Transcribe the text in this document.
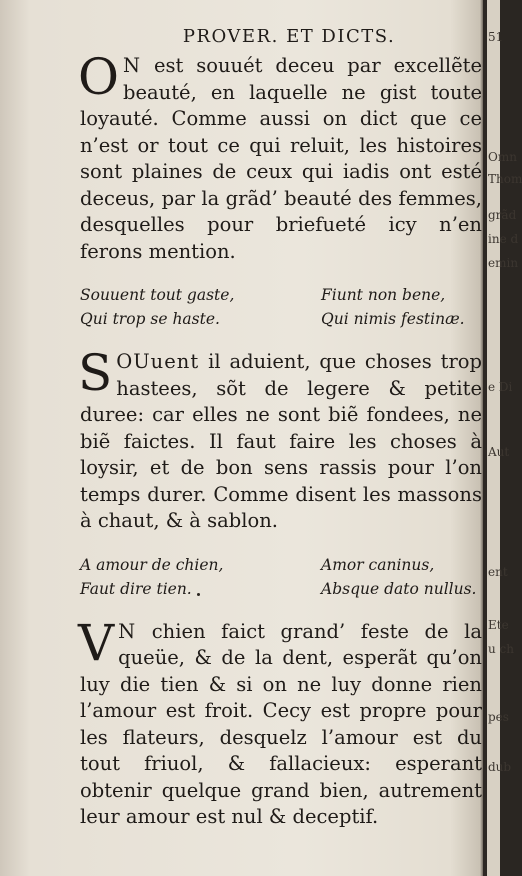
51
Omn
Thom
grãd
ine d
emin
e Di
Aut
Ete
u ch
pes
dub
ent
PROVER. ET DICTS.

O N est souuét deceu par excellẽte beauté, en laquelle ne gist toute loyauté. Comme aussi on dict que ce n’est or tout ce qui reluit, les histoires sont plaines de ceux qui iadis ont esté deceus, par la grãd’ beauté des femmes, desquelles pour briefueté icy n’en ferons mention.

Souuent tout gaste,	Fiunt non bene,
Qui trop se haste.	Qui nimis festinæ.

S OUuent il aduient, que choses trop hastees, sõt de legere & petite duree: car elles ne sont biẽ fondees, ne biẽ faictes. Il faut faire les choses à loysir, et de bon sens rassis pour l’on temps durer. Comme disent les massons à chaut, & à sablon.

A amour de chien,	Amor caninus,
Faut dire tien.	Absque dato nullus.

V N chien faict grand’ feste de la queüe, & de la dent, esperãt qu’on luy die tien & si on ne luy donne rien l’amour est froit. Cecy est propre pour les flateurs, desquelz l’amour est du tout friuol, & fallacieux: esperant obtenir quelque grand bien, autrement leur amour est nul & deceptif.
